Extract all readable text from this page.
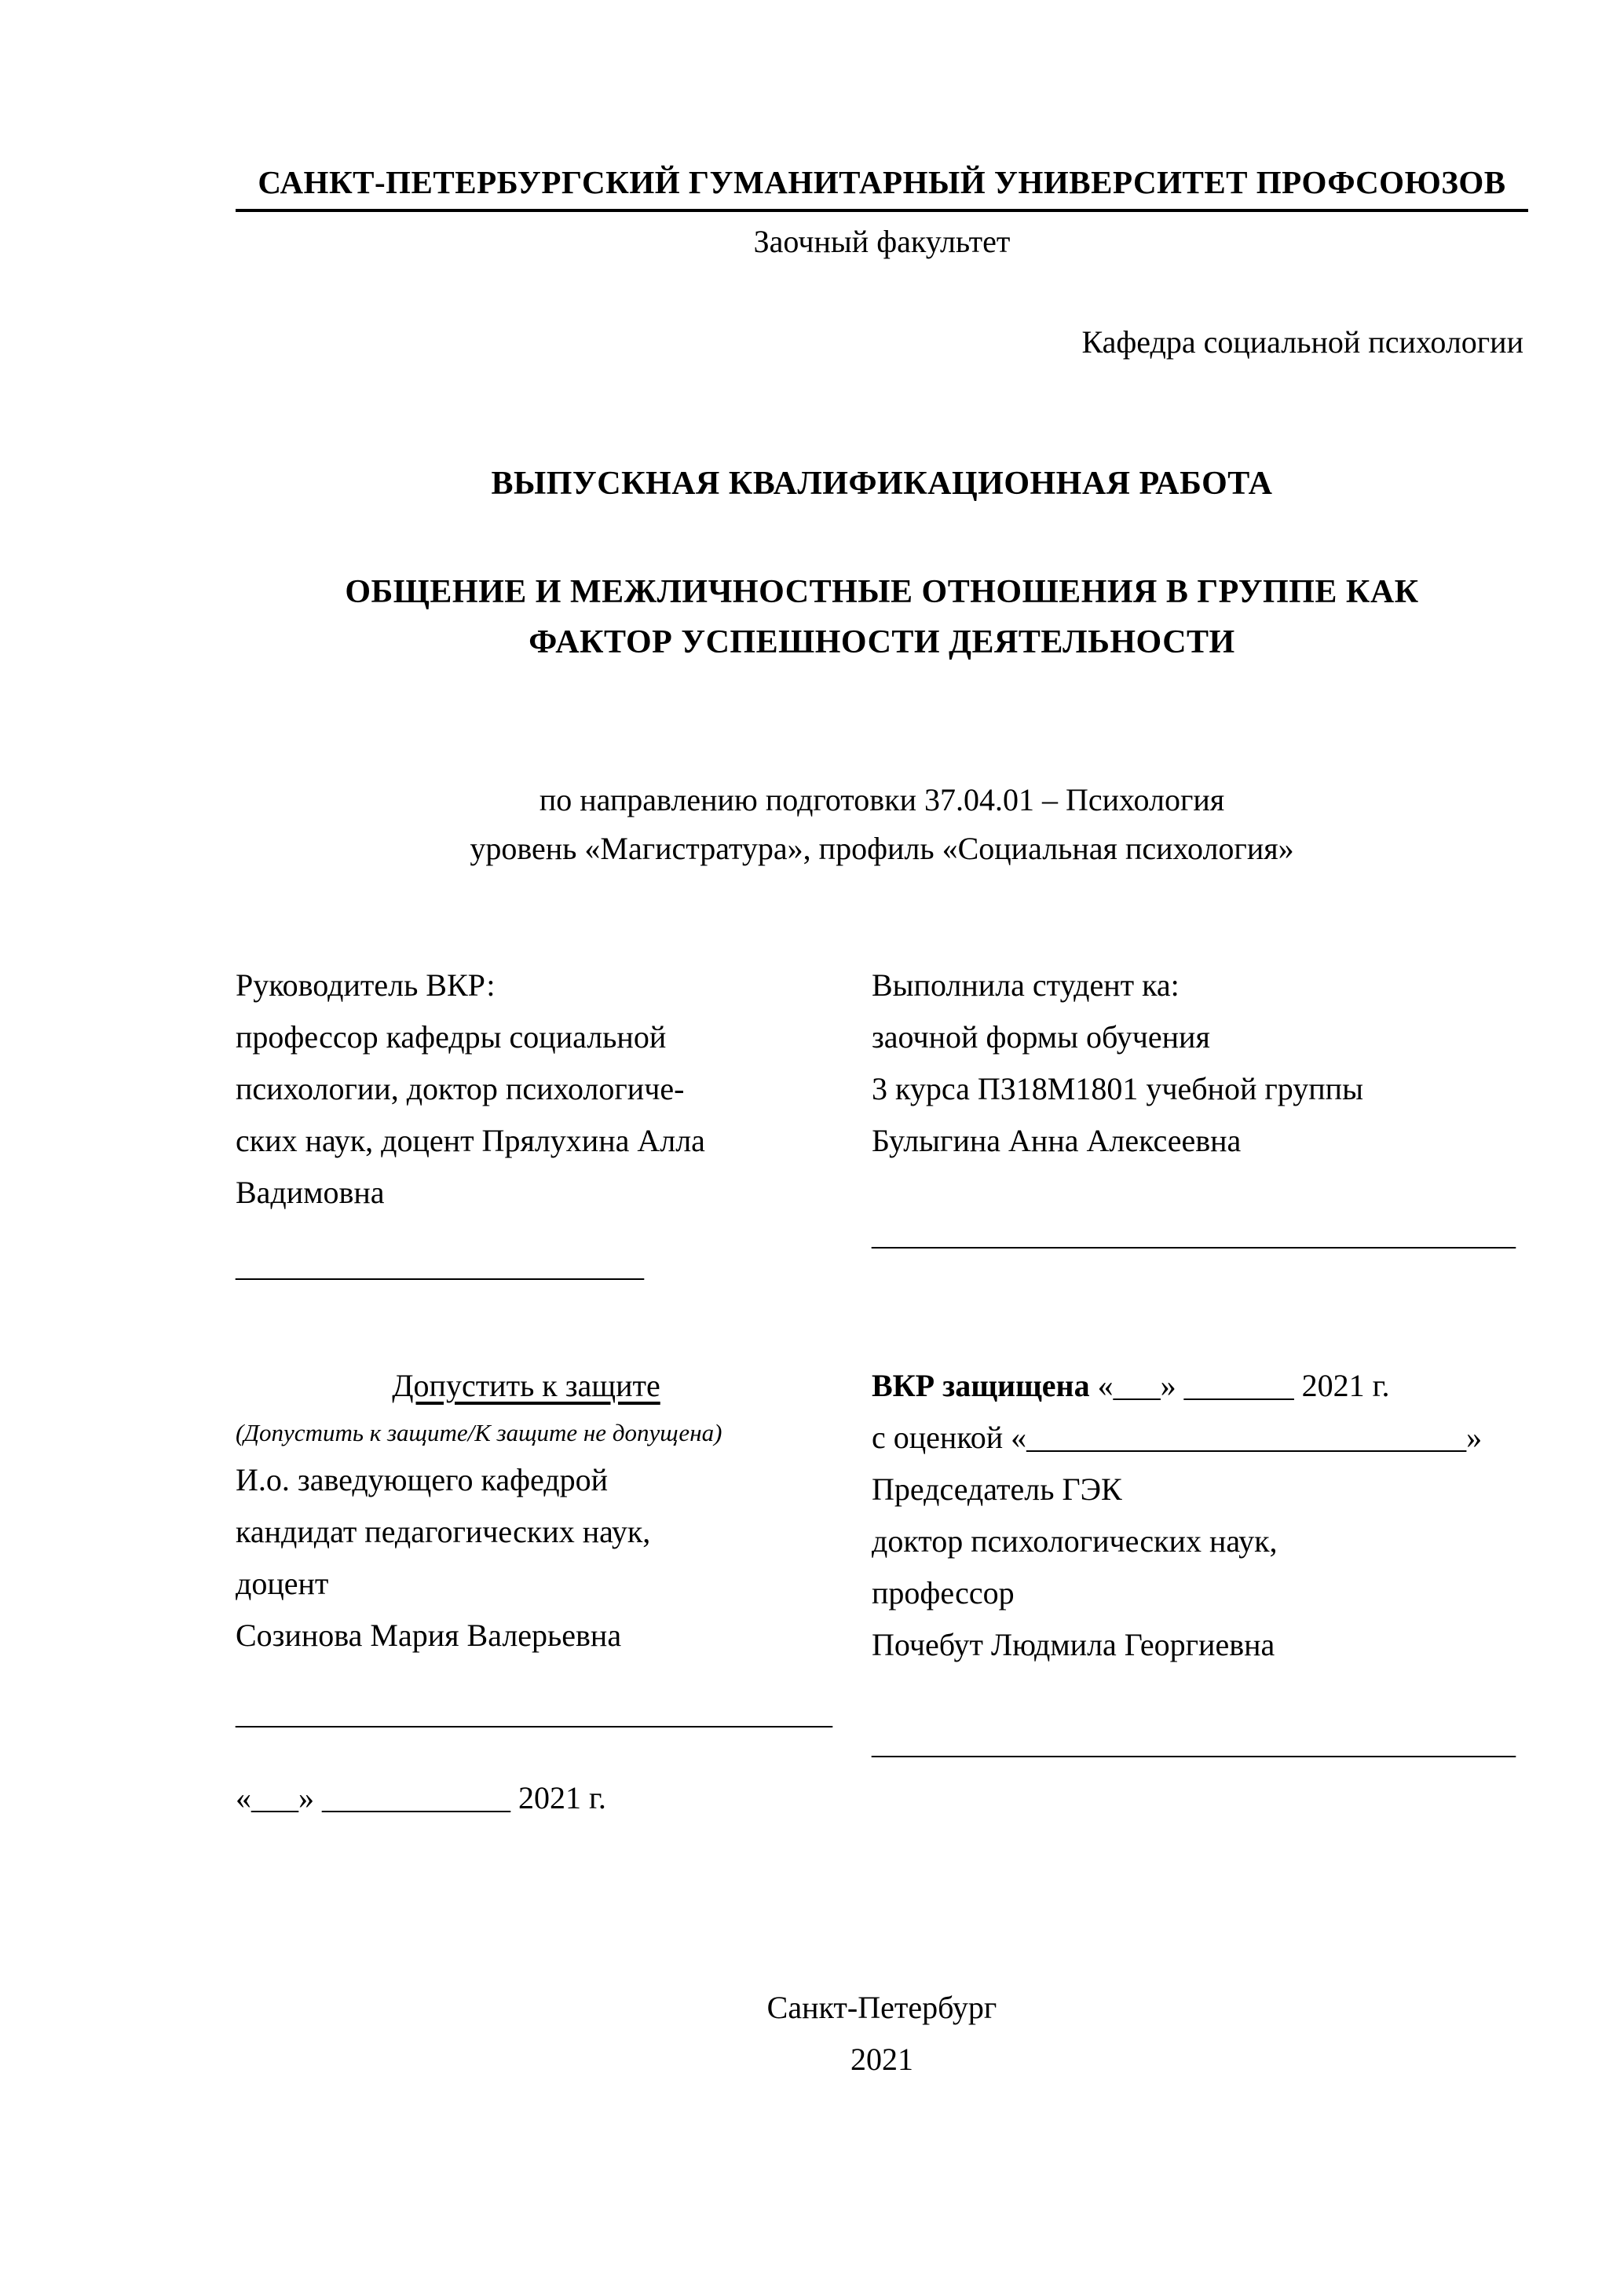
САНКТ-ПЕТЕРБУРГСКИЙ ГУМАНИТАРНЫЙ УНИВЕРСИТЕТ ПРОФСОЮЗОВ
Заочный факультет
Кафедра социальной психологии
ВЫПУСКНАЯ КВАЛИФИКАЦИОННАЯ РАБОТА
ОБЩЕНИЕ И МЕЖЛИЧНОСТНЫЕ ОТНОШЕНИЯ В ГРУППЕ КАК
ФАКТОР УСПЕШНОСТИ ДЕЯТЕЛЬНОСТИ
по направлению подготовки 37.04.01 – Психология
уровень «Магистратура», профиль «Социальная психология»
Руководитель ВКР:
профессор кафедры социальной
психологии, доктор психологиче-
ских наук, доцент Прялухина Алла
Вадимовна
Выполнила студент ка:
заочной формы обучения
3 курса ПЗ18М1801 учебной группы
Булыгина Анна Алексеевна
_________________________________________
__________________________
Допустить к защите
(Допустить к защите/К защите не допущена)
И.о. заведующего кафедрой
кандидат педагогических наук,
доцент
Созинова Мария Валерьевна
ВКР защищена «___» _______ 2021 г.
с оценкой «____________________________»
Председатель ГЭК
доктор психологических наук,
профессор
Почебут Людмила Георгиевна
______________________________________
_________________________________________
«___» ____________ 2021 г.
Санкт-Петербург
2021
